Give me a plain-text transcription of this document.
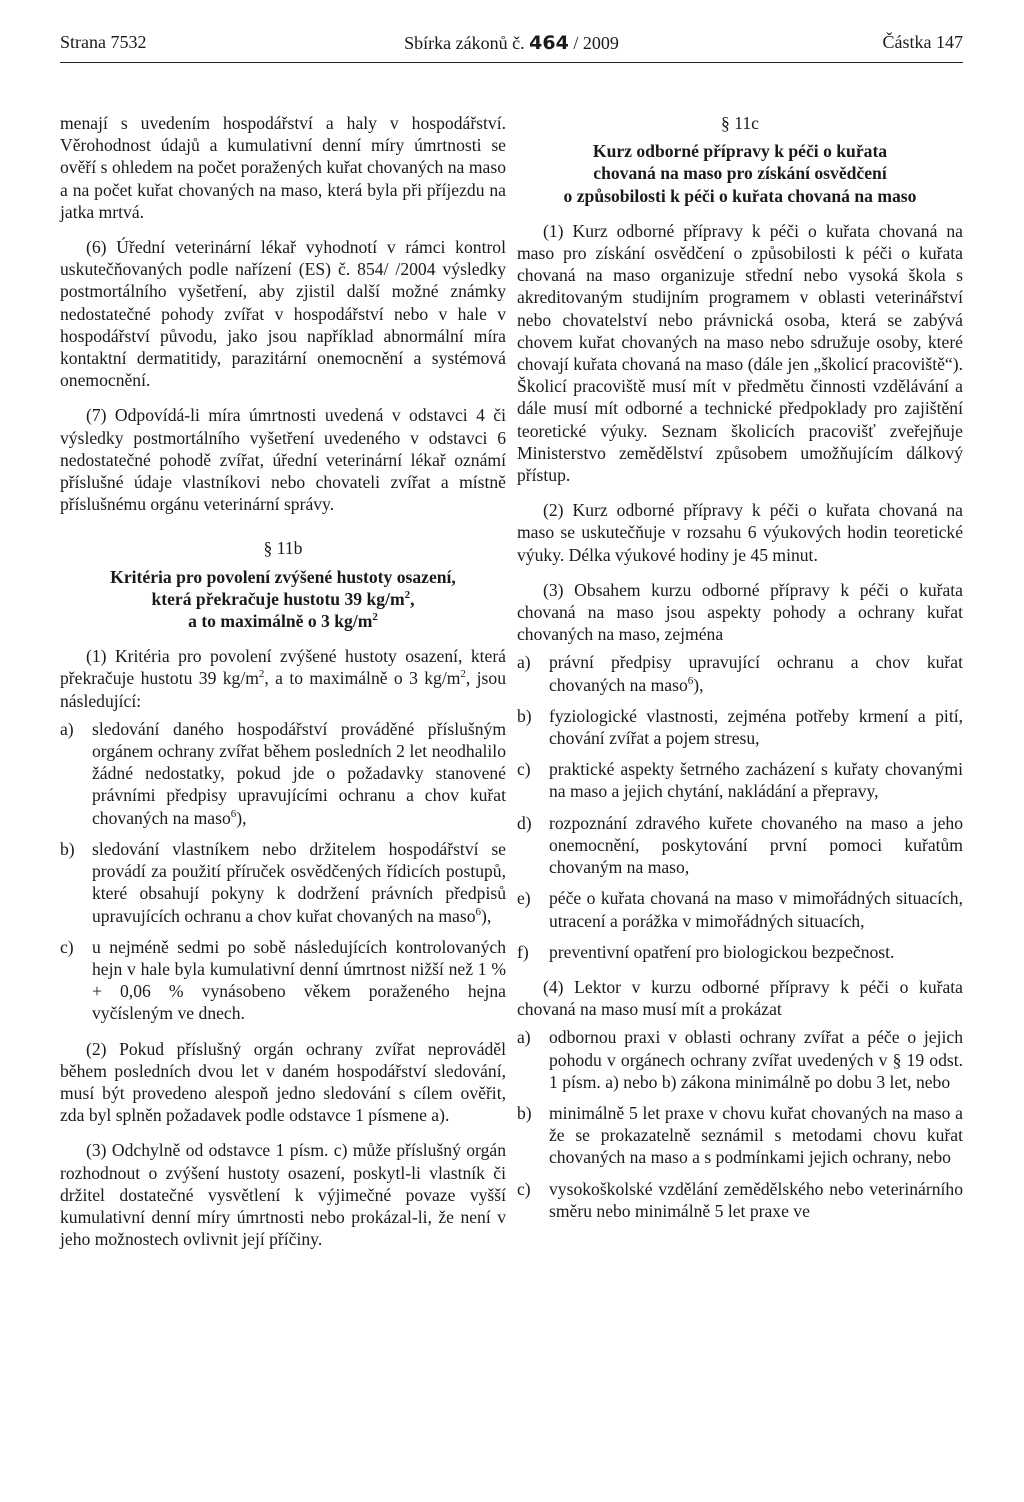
Strana 7532	Sbírka zákonů č. 464 / 2009	Částka 147

menají s uvedením hospodářství a haly v hospodářství. Věrohodnost údajů a kumulativní denní míry úmrtnosti se ověří s ohledem na počet poražených kuřat chovaných na maso a na počet kuřat chovaných na maso, která byla při příjezdu na jatka mrtvá.

(6) Úřední veterinární lékař vyhodnotí v rámci kontrol uskutečňovaných podle nařízení (ES) č. 854/ /2004 výsledky postmortálního vyšetření, aby zjistil další možné známky nedostatečné pohody zvířat v hospodářství nebo v hale v hospodářství původu, jako jsou například abnormální míra kontaktní dermatitidy, parazitární onemocnění a systémová onemocnění.

(7) Odpovídá-li míra úmrtnosti uvedená v odstavci 4 či výsledky postmortálního vyšetření uvedeného v odstavci 6 nedostatečné pohodě zvířat, úřední veterinární lékař oznámí příslušné údaje vlastníkovi nebo chovateli zvířat a místně příslušnému orgánu veterinární správy.

§ 11b
Kritéria pro povolení zvýšené hustoty osazení,
která překračuje hustotu 39 $kg/m^2$,
a to maximálně o 3 $kg/m^2$

(1) Kritéria pro povolení zvýšené hustoty osazení, která překračuje hustotu 39 $kg/m^2$, a to maximálně o 3 $kg/m^2$, jsou následující:

a)	sledování daného hospodářství prováděné příslušným orgánem ochrany zvířat během posledních 2 let neodhalilo žádné nedostatky, pokud jde o požadavky stanovené právními předpisy upravujícími ochranu a chov kuřat chovaných na maso$^6$),
b) sledování vlastníkem nebo držitelem hospodářství se provádí za použití příruček osvědčených řídicích postupů, které obsahují pokyny k dodržení právních předpisů upravujících ochranu a chov kuřat chovaných na maso$^6$),
c)	u nejméně sedmi po sobě následujících kontrolovaných hejn v hale byla kumulativní denní úmrtnost nižší než 1 % + 0,06 % vynásobeno věkem poraženého hejna vyčísleným ve dnech.

(2) Pokud příslušný orgán ochrany zvířat neprováděl během posledních dvou let v daném hospodářství sledování, musí být provedeno alespoň jedno sledování s cílem ověřit, zda byl splněn požadavek podle odstavce 1 písmene a).

(3) Odchylně od odstavce 1 písm. c) může příslušný orgán rozhodnout o zvýšení hustoty osazení, poskytl-li vlastník či držitel dostatečné vysvětlení k výjimečné povaze vyšší kumulativní denní míry úmrtnosti nebo prokázal-li, že není v jeho možnostech ovlivnit její příčiny.

§ 11c
Kurz odborné přípravy k péči o kuřata
chovaná na maso pro získání osvědčení
o způsobilosti k péči o kuřata chovaná na maso

(1) Kurz odborné přípravy k péči o kuřata chovaná na maso pro získání osvědčení o způsobilosti k péči o kuřata chovaná na maso organizuje střední nebo vysoká škola s akreditovaným studijním programem v oblasti veterinářství nebo chovatelství nebo právnická osoba, která se zabývá chovem kuřat chovaných na maso nebo sdružuje osoby, které chovají kuřata chovaná na maso (dále jen „školicí pracoviště“). Školicí pracoviště musí mít v předmětu činnosti vzdělávání a dále musí mít odborné a technické předpoklady pro zajištění teoretické výuky. Seznam školicích pracovišť zveřejňuje Ministerstvo zemědělství způsobem umožňujícím dálkový přístup.

(2) Kurz odborné přípravy k péči o kuřata chovaná na maso se uskutečňuje v rozsahu 6 výukových hodin teoretické výuky. Délka výukové hodiny je 45 minut.

(3) Obsahem kurzu odborné přípravy k péči o kuřata chovaná na maso jsou aspekty pohody a ochrany kuřat chovaných na maso, zejména

a)	právní předpisy upravující ochranu a chov kuřat chovaných na maso$^6$),
b) fyziologické vlastnosti, zejména potřeby krmení a pití, chování zvířat a pojem stresu,
c)	praktické aspekty šetrného zacházení s kuřaty chovanými na maso a jejich chytání, nakládání a přepravy,
d) rozpoznání zdravého kuřete chovaného na maso a jeho onemocnění, poskytování první pomoci kuřatům chovaným na maso,
e)	péče o kuřata chovaná na maso v mimořádných situacích, utracení a porážka v mimořádných situacích,
f)	preventivní opatření pro biologickou bezpečnost.

(4) Lektor v kurzu odborné přípravy k péči o kuřata chovaná na maso musí mít a prokázat

a)	odbornou praxi v oblasti ochrany zvířat a péče o jejich pohodu v orgánech ochrany zvířat uvedených v § 19 odst. 1 písm. a) nebo b) zákona minimálně po dobu 3 let, nebo
b) minimálně 5 let praxe v chovu kuřat chovaných na maso a že se prokazatelně seznámil s metodami chovu kuřat chovaných na maso a s podmínkami jejich ochrany, nebo
c)	vysokoškolské vzdělání zemědělského nebo veterinárního směru nebo minimálně 5 let praxe ve
